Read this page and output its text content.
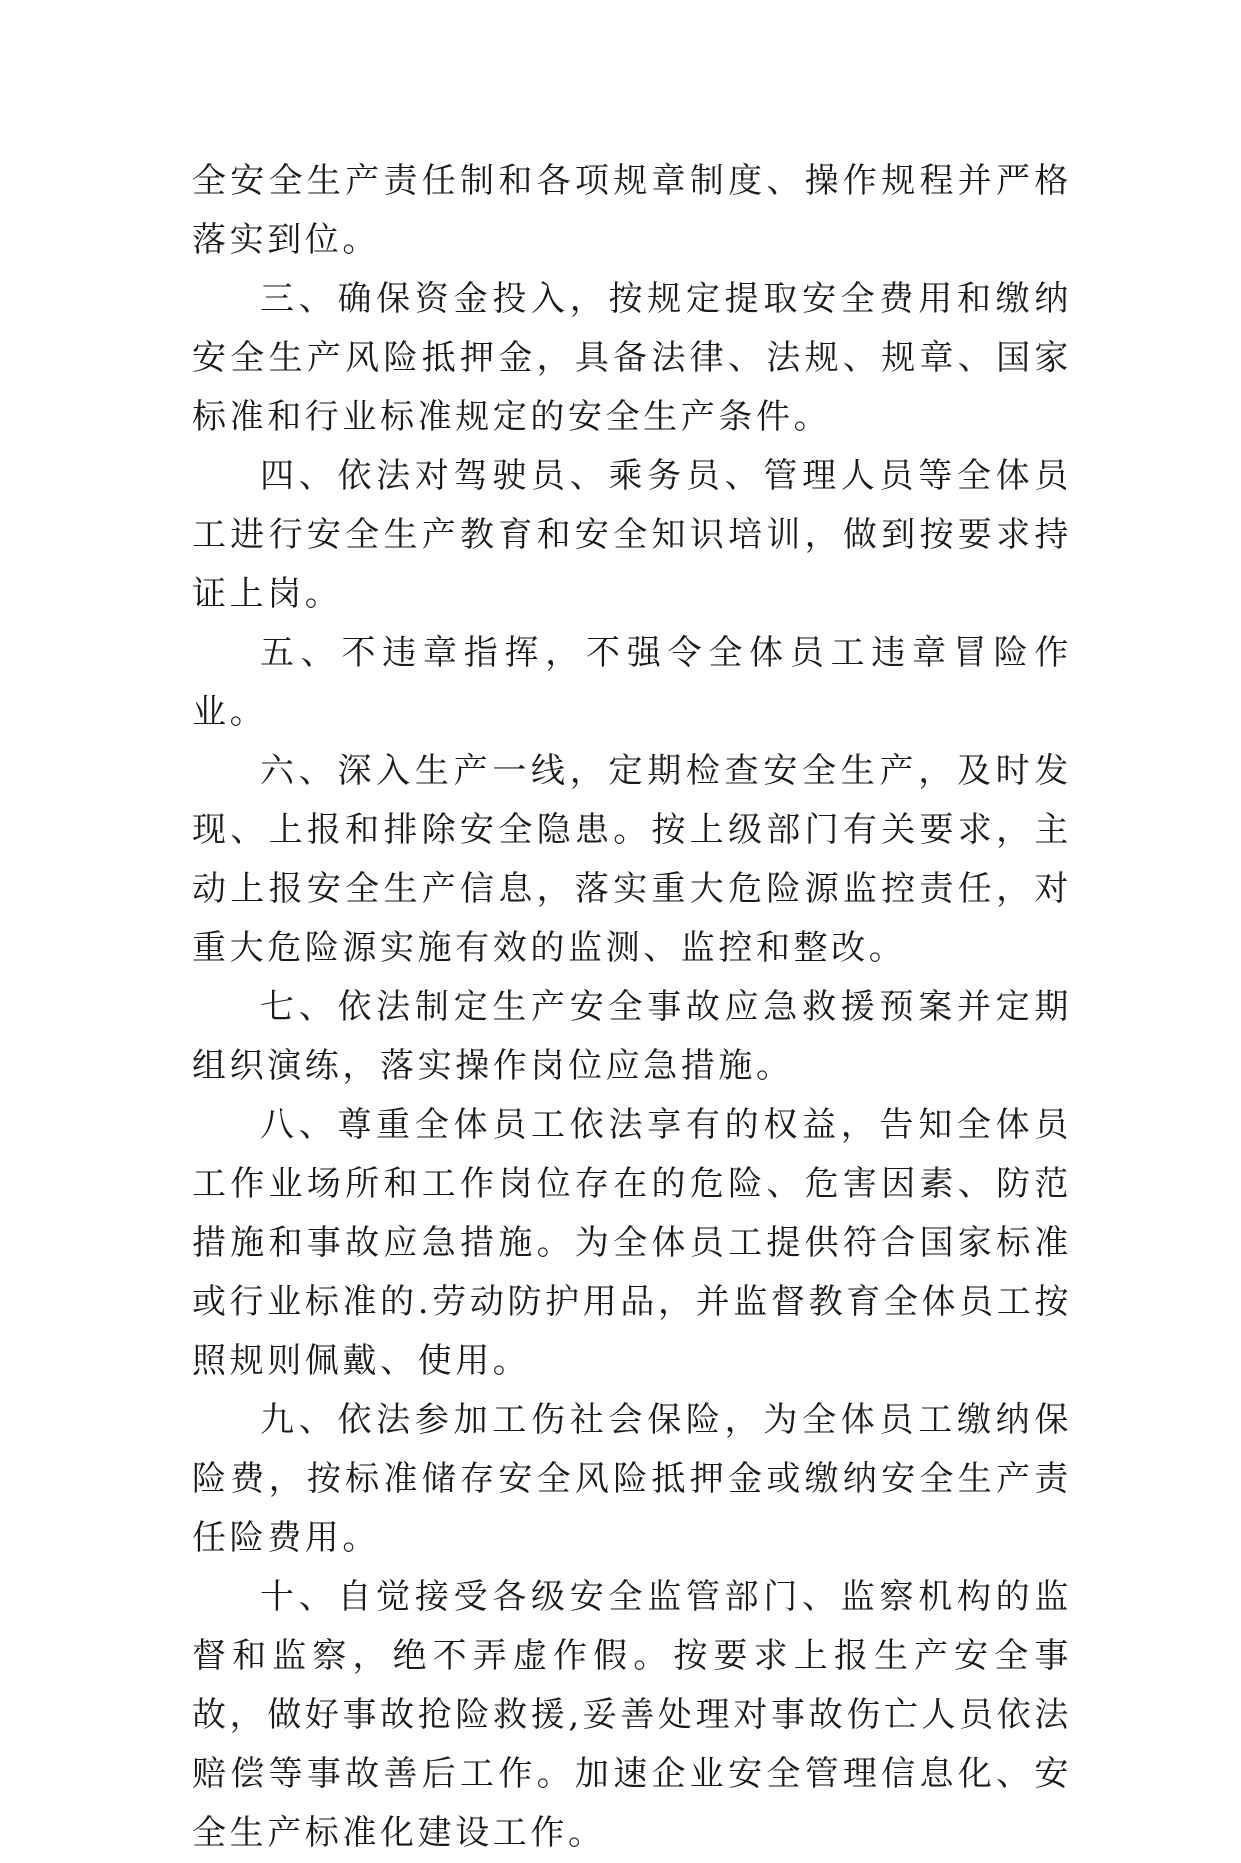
全安全生产责任制和各项规章制度、操作规程并严格落实到位。

三、确保资金投入，按规定提取安全费用和缴纳安全生产风险抵押金，具备法律、法规、规章、国家标准和行业标准规定的安全生产条件。

四、依法对驾驶员、乘务员、管理人员等全体员工进行安全生产教育和安全知识培训，做到按要求持证上岗。

五、不违章指挥，不强令全体员工违章冒险作业。

六、深入生产一线，定期检查安全生产，及时发现、上报和排除安全隐患。按上级部门有关要求，主动上报安全生产信息，落实重大危险源监控责任，对重大危险源实施有效的监测、监控和整改。

七、依法制定生产安全事故应急救援预案并定期组织演练，落实操作岗位应急措施。

八、尊重全体员工依法享有的权益，告知全体员工作业场所和工作岗位存在的危险、危害因素、防范措施和事故应急措施。为全体员工提供符合国家标准或行业标准的.劳动防护用品，并监督教育全体员工按照规则佩戴、使用。

九、依法参加工伤社会保险，为全体员工缴纳保险费，按标准储存安全风险抵押金或缴纳安全生产责任险费用。

十、自觉接受各级安全监管部门、监察机构的监督和监察，绝不弄虚作假。按要求上报生产安全事故，做好事故抢险救援,妥善处理对事故伤亡人员依法赔偿等事故善后工作。加速企业安全管理信息化、安全生产标准化建设工作。
